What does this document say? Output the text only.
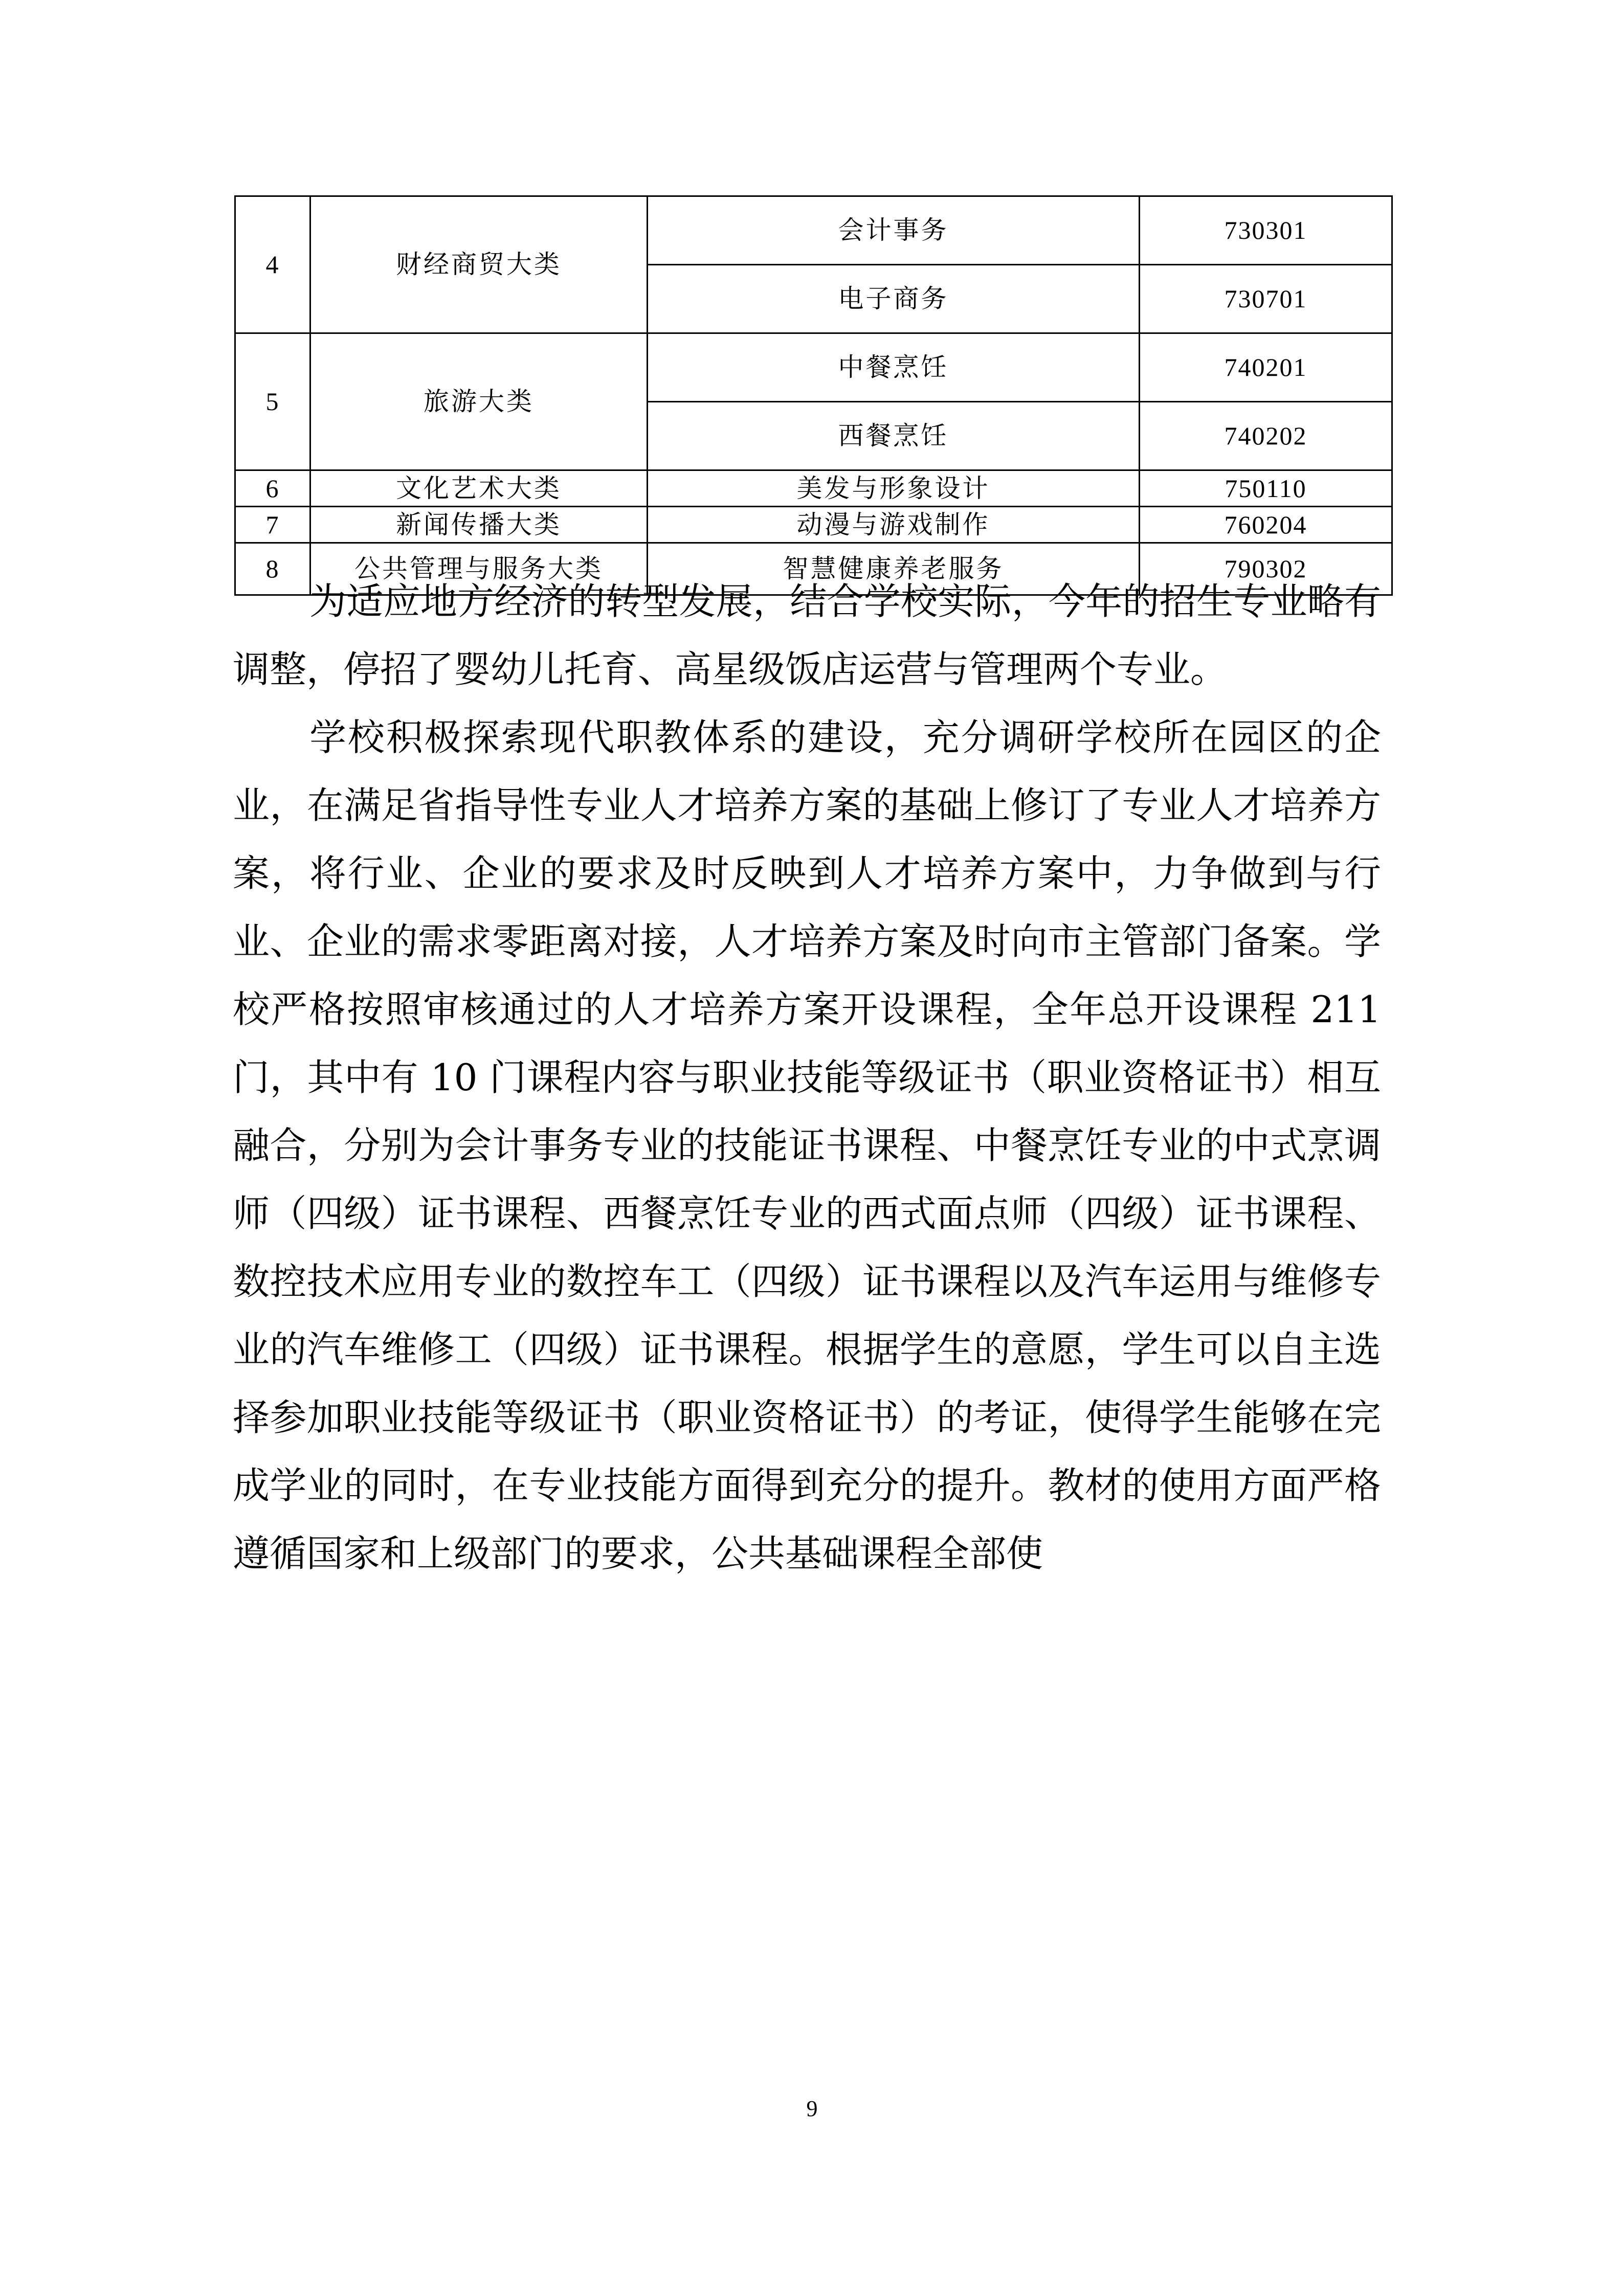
4	财经商贸大类	会计事务	730301
		电子商务	730701
5	旅游大类	中餐烹饪	740201
		西餐烹饪	740202
6	文化艺术大类	美发与形象设计	750110
7	新闻传播大类	动漫与游戏制作	760204
8	公共管理与服务大类	智慧健康养老服务	790302

为适应地方经济的转型发展，结合学校实际，今年的招生专业略有调整，停招了婴幼儿托育、高星级饭店运营与管理两个专业。

学校积极探索现代职教体系的建设，充分调研学校所在园区的企业，在满足省指导性专业人才培养方案的基础上修订了专业人才培养方案，将行业、企业的要求及时反映到人才培养方案中，力争做到与行业、企业的需求零距离对接，人才培养方案及时向市主管部门备案。学校严格按照审核通过的人才培养方案开设课程，全年总开设课程 211 门，其中有 10 门课程内容与职业技能等级证书（职业资格证书）相互融合，分别为会计事务专业的技能证书课程、中餐烹饪专业的中式烹调师（四级）证书课程、西餐烹饪专业的西式面点师（四级）证书课程、数控技术应用专业的数控车工（四级）证书课程以及汽车运用与维修专业的汽车维修工（四级）证书课程。根据学生的意愿，学生可以自主选择参加职业技能等级证书（职业资格证书）的考证，使得学生能够在完成学业的同时，在专业技能方面得到充分的提升。教材的使用方面严格遵循国家和上级部门的要求，公共基础课程全部使

9
